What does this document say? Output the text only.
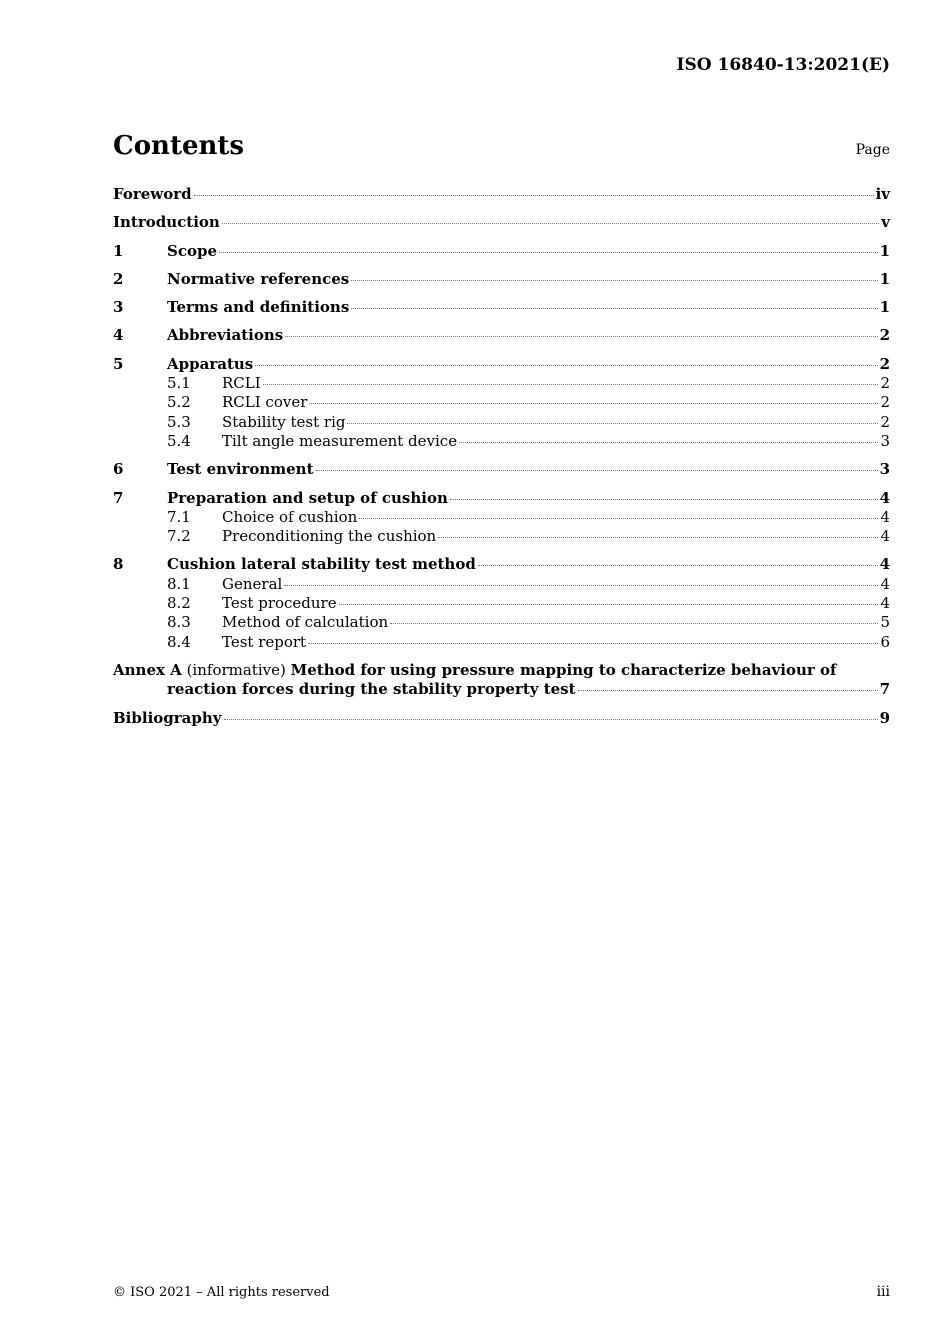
ISO 16840-13:2021(E)
Contents	Page
Foreword	iv
Introduction	v
1	Scope	1
2	Normative references	1
3	Terms and definitions	1
4	Abbreviations	2
5	Apparatus	2
5.1	RCLI	2
5.2	RCLI cover	2
5.3	Stability test rig	2
5.4	Tilt angle measurement device	3
6	Test environment	3
7	Preparation and setup of cushion	4
7.1	Choice of cushion	4
7.2	Preconditioning the cushion	4
8	Cushion lateral stability test method	4
8.1	General	4
8.2	Test procedure	4
8.3	Method of calculation	5
8.4	Test report	6
Annex A (informative) Method for using pressure mapping to characterize behaviour of
reaction forces during the stability property test	7
Bibliography	9
© ISO 2021 – All rights reserved	iii
